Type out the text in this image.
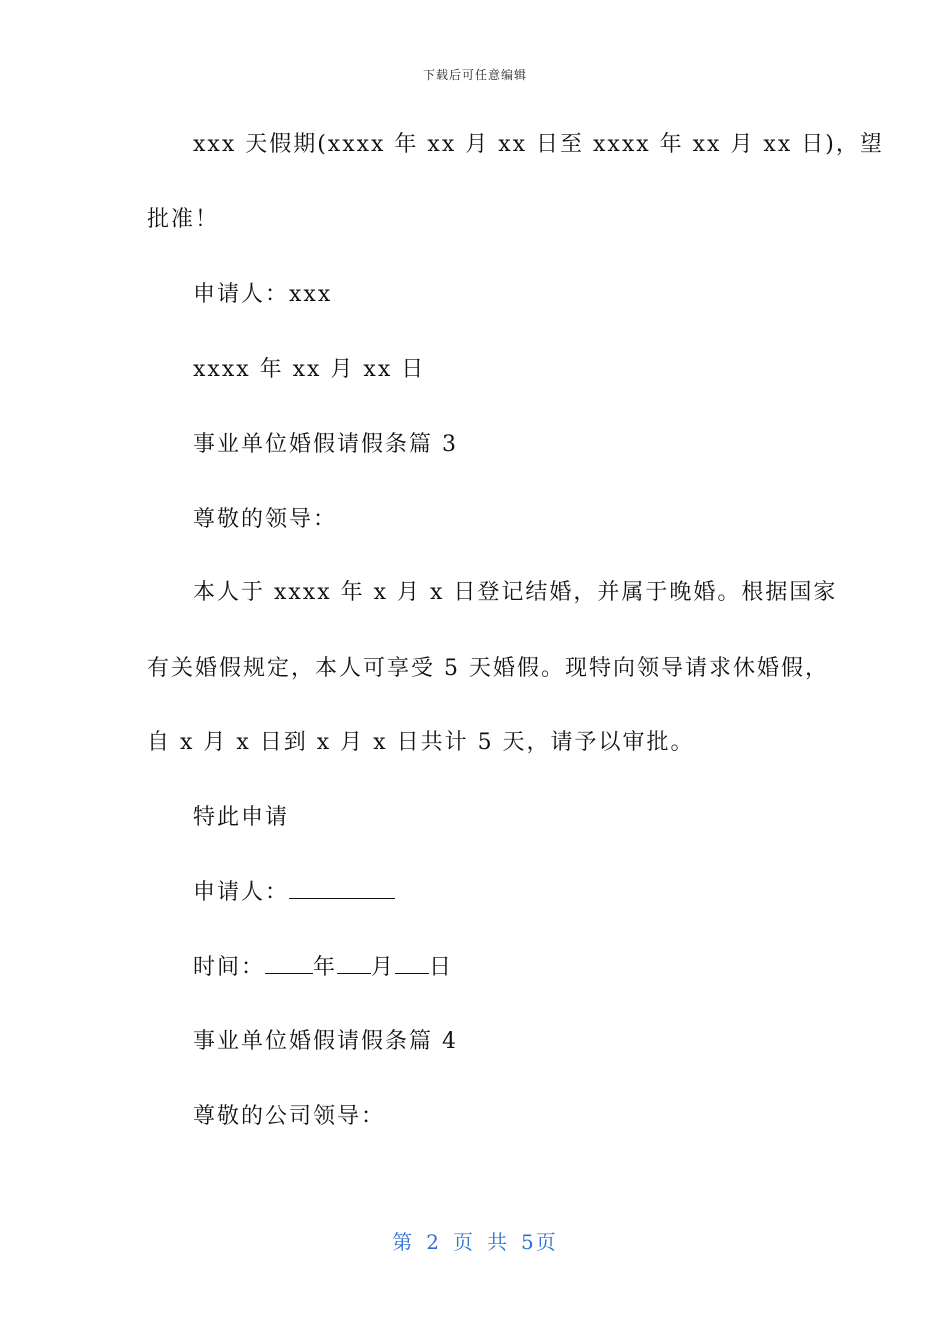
下载后可任意编辑
xxx 天假期(xxxx 年 xx 月 xx 日至 xxxx 年 xx 月 xx 日)，望
批准！
申请人：xxx
xxxx 年 xx 月 xx 日
事业单位婚假请假条篇 3
尊敬的领导：
本人于 xxxx 年 x 月 x 日登记结婚，并属于晚婚。根据国家
有关婚假规定，本人可享受 5 天婚假。现特向领导请求休婚假，
自 x 月 x 日到 x 月 x 日共计 5 天，请予以审批。
特此申请
申请人：
时间： 年 月 日
事业单位婚假请假条篇 4
尊敬的公司领导：
第 2 页 共 5页
